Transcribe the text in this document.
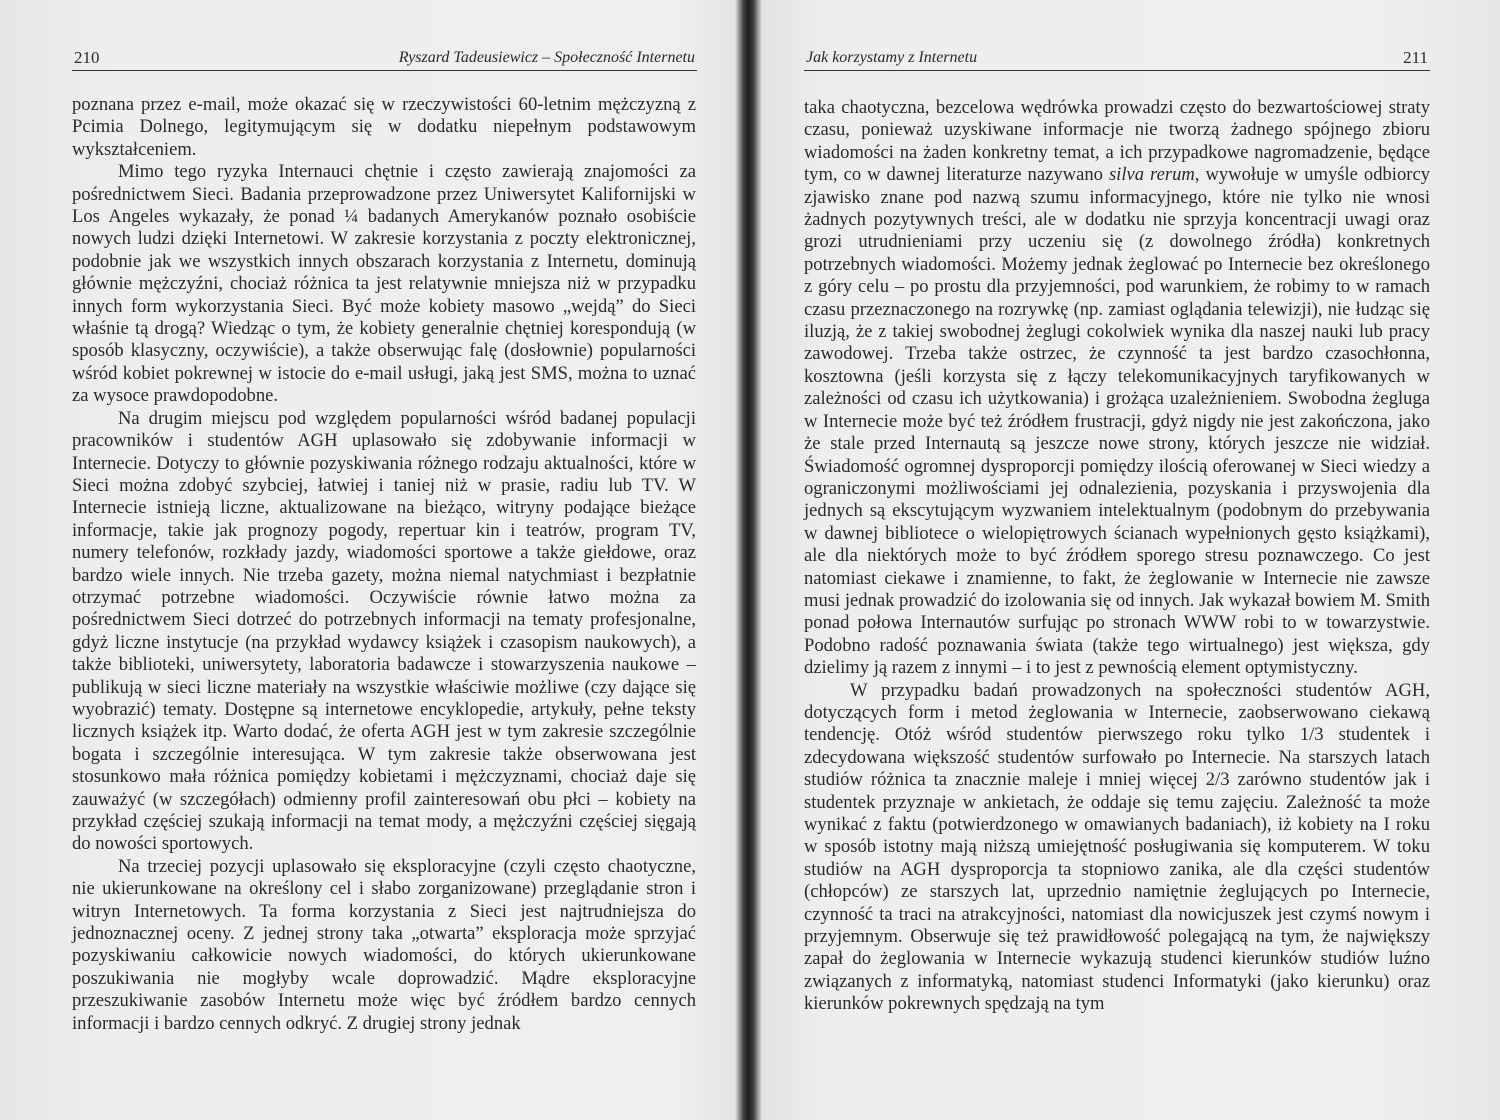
210	Ryszard Tadeusiewicz – Społeczność Internetu

poznana przez e-mail, może okazać się w rzeczywistości 60-letnim mężczyzną z Pcimia Dolnego, legitymującym się w dodatku niepełnym podstawowym wykształceniem.

Mimo tego ryzyka Internauci chętnie i często zawierają znajomości za pośrednictwem Sieci. Badania przeprowadzone przez Uniwersytet Kalifornijski w Los Angeles wykazały, że ponad ¼ badanych Amerykanów poznało osobiście nowych ludzi dzięki Internetowi. W zakresie korzystania z poczty elektronicznej, podobnie jak we wszystkich innych obszarach korzystania z Internetu, dominują głównie mężczyźni, chociaż różnica ta jest relatywnie mniejsza niż w przypadku innych form wykorzystania Sieci. Być może kobiety masowo „wejdą” do Sieci właśnie tą drogą? Wiedząc o tym, że kobiety generalnie chętniej korespondują (w sposób klasyczny, oczywiście), a także obserwując falę (dosłownie) popularności wśród kobiet pokrewnej w istocie do e-mail usługi, jaką jest SMS, można to uznać za wysoce prawdopodobne.

Na drugim miejscu pod względem popularności wśród badanej populacji pracowników i studentów AGH uplasowało się zdobywanie informacji w Internecie. Dotyczy to głównie pozyskiwania różnego rodzaju aktualności, które w Sieci można zdobyć szybciej, łatwiej i taniej niż w prasie, radiu lub TV. W Internecie istnieją liczne, aktualizowane na bieżąco, witryny podające bieżące informacje, takie jak prognozy pogody, repertuar kin i teatrów, program TV, numery telefonów, rozkłady jazdy, wiadomości sportowe a także giełdowe, oraz bardzo wiele innych. Nie trzeba gazety, można niemal natychmiast i bezpłatnie otrzymać potrzebne wiadomości. Oczywiście równie łatwo można za pośrednictwem Sieci dotrzeć do potrzebnych informacji na tematy profesjonalne, gdyż liczne instytucje (na przykład wydawcy książek i czasopism naukowych), a także biblioteki, uniwersytety, laboratoria badawcze i stowarzyszenia naukowe – publikują w sieci liczne materiały na wszystkie właściwie możliwe (czy dające się wyobrazić) tematy. Dostępne są internetowe encyklopedie, artykuły, pełne teksty licznych książek itp. Warto dodać, że oferta AGH jest w tym zakresie szczególnie bogata i szczególnie interesująca. W tym zakresie także obserwowana jest stosunkowo mała różnica pomiędzy kobietami i mężczyznami, chociaż daje się zauważyć (w szczegółach) odmienny profil zainteresowań obu płci – kobiety na przykład częściej szukają informacji na temat mody, a mężczyźni częściej sięgają do nowości sportowych.

Na trzeciej pozycji uplasowało się eksploracyjne (czyli często chaotyczne, nie ukierunkowane na określony cel i słabo zorganizowane) przeglądanie stron i witryn Internetowych. Ta forma korzystania z Sieci jest najtrudniejsza do jednoznacznej oceny. Z jednej strony taka „otwarta” eksploracja może sprzyjać pozyskiwaniu całkowicie nowych wiadomości, do których ukierunkowane poszukiwania nie mogłyby wcale doprowadzić. Mądre eksploracyjne przeszukiwanie zasobów Internetu może więc być źródłem bardzo cennych informacji i bardzo cennych odkryć. Z drugiej strony jednak

Jak korzystamy z Internetu	211

taka chaotyczna, bezcelowa wędrówka prowadzi często do bezwartościowej straty czasu, ponieważ uzyskiwane informacje nie tworzą żadnego spójnego zbioru wiadomości na żaden konkretny temat, a ich przypadkowe nagromadzenie, będące tym, co w dawnej literaturze nazywano silva rerum, wywołuje w umyśle odbiorcy zjawisko znane pod nazwą szumu informacyjnego, które nie tylko nie wnosi żadnych pozytywnych treści, ale w dodatku nie sprzyja koncentracji uwagi oraz grozi utrudnieniami przy uczeniu się (z dowolnego źródła) konkretnych potrzebnych wiadomości. Możemy jednak żeglować po Internecie bez określonego z góry celu – po prostu dla przyjemności, pod warunkiem, że robimy to w ramach czasu przeznaczonego na rozrywkę (np. zamiast oglądania telewizji), nie łudząc się iluzją, że z takiej swobodnej żeglugi cokolwiek wynika dla naszej nauki lub pracy zawodowej. Trzeba także ostrzec, że czynność ta jest bardzo czasochłonna, kosztowna (jeśli korzysta się z łączy telekomunikacyjnych taryfikowanych w zależności od czasu ich użytkowania) i grożąca uzależnieniem. Swobodna żegluga w Internecie może być też źródłem frustracji, gdyż nigdy nie jest zakończona, jako że stale przed Internautą są jeszcze nowe strony, których jeszcze nie widział. Świadomość ogromnej dysproporcji pomiędzy ilością oferowanej w Sieci wiedzy a ograniczonymi możliwościami jej odnalezienia, pozyskania i przyswojenia dla jednych są ekscytującym wyzwaniem intelektualnym (podobnym do przebywania w dawnej bibliotece o wielopiętrowych ścianach wypełnionych gęsto książkami), ale dla niektórych może to być źródłem sporego stresu poznawczego. Co jest natomiast ciekawe i znamienne, to fakt, że żeglowanie w Internecie nie zawsze musi jednak prowadzić do izolowania się od innych. Jak wykazał bowiem M. Smith ponad połowa Internautów surfując po stronach WWW robi to w towarzystwie. Podobno radość poznawania świata (także tego wirtualnego) jest większa, gdy dzielimy ją razem z innymi – i to jest z pewnością element optymistyczny.

W przypadku badań prowadzonych na społeczności studentów AGH, dotyczących form i metod żeglowania w Internecie, zaobserwowano ciekawą tendencję. Otóż wśród studentów pierwszego roku tylko 1/3 studentek i zdecydowana większość studentów surfowało po Internecie. Na starszych latach studiów różnica ta znacznie maleje i mniej więcej 2/3 zarówno studentów jak i studentek przyznaje w ankietach, że oddaje się temu zajęciu. Zależność ta może wynikać z faktu (potwierdzonego w omawianych badaniach), iż kobiety na I roku w sposób istotny mają niższą umiejętność posługiwania się komputerem. W toku studiów na AGH dysproporcja ta stopniowo zanika, ale dla części studentów (chłopców) ze starszych lat, uprzednio namiętnie żeglujących po Internecie, czynność ta traci na atrakcyjności, natomiast dla nowicjuszek jest czymś nowym i przyjemnym. Obserwuje się też prawidłowość polegającą na tym, że największy zapał do żeglowania w Internecie wykazują studenci kierunków studiów luźno związanych z informatyką, natomiast studenci Informatyki (jako kierunku) oraz kierunków pokrewnych spędzają na tym
